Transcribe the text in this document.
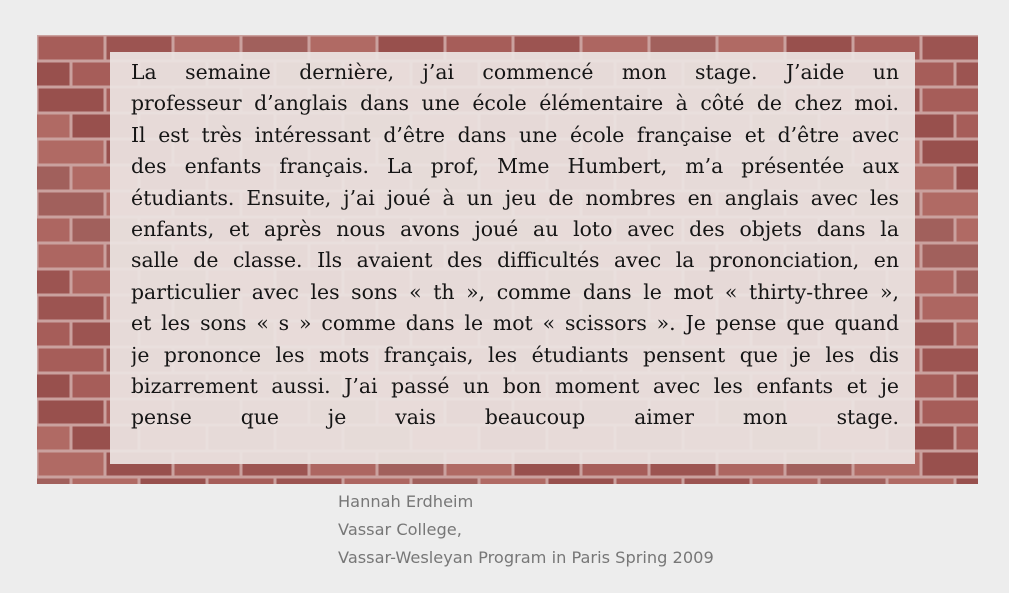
La semaine dernière, j’ai commencé mon stage. J’aide un
professeur d’anglais dans une école élémentaire à côté de chez moi.
Il est très intéressant d’être dans une école française et d’être avec
des enfants français. La prof, Mme Humbert, m’a présentée aux
étudiants. Ensuite, j’ai joué à un jeu de nombres en anglais avec les
enfants, et après nous avons joué au loto avec des objets dans la
salle de classe. Ils avaient des difficultés avec la prononciation, en
particulier avec les sons « th », comme dans le mot « thirty-three »,
et les sons « s » comme dans le mot « scissors ». Je pense que quand
je prononce les mots français, les étudiants pensent que je les dis
bizarrement aussi. J’ai passé un bon moment avec les enfants et je
pense que je vais beaucoup aimer mon stage.
Hannah Erdheim
Vassar College,
Vassar-Wesleyan Program in Paris Spring 2009
